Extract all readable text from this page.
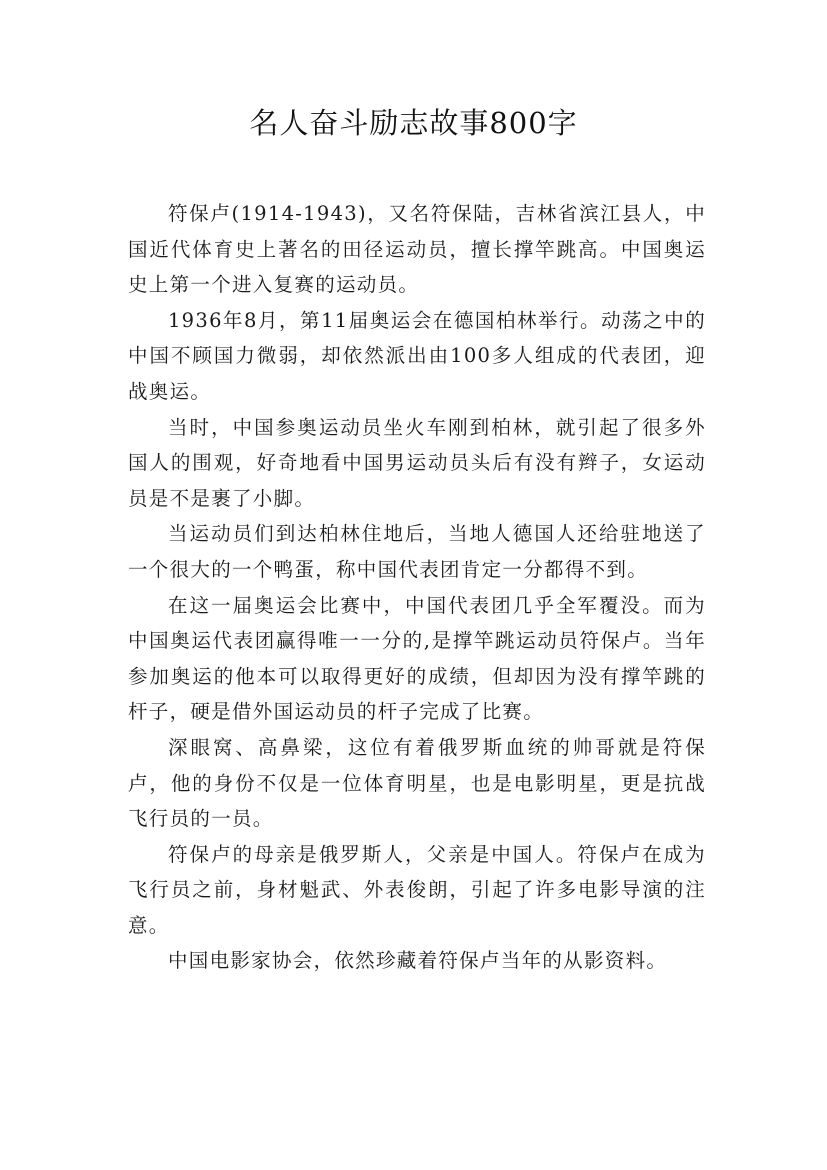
名人奋斗励志故事800字

符保卢(1914-1943)，又名符保陆，吉林省滨江县人，中国近代体育史上著名的田径运动员，擅长撑竿跳高。中国奥运史上第一个进入复赛的运动员。

1936年8月，第11届奥运会在德国柏林举行。动荡之中的中国不顾国力微弱，却依然派出由100多人组成的代表团，迎战奥运。

当时，中国参奥运动员坐火车刚到柏林，就引起了很多外国人的围观，好奇地看中国男运动员头后有没有辫子，女运动员是不是裹了小脚。

当运动员们到达柏林住地后，当地人德国人还给驻地送了一个很大的一个鸭蛋，称中国代表团肯定一分都得不到。

在这一届奥运会比赛中，中国代表团几乎全军覆没。而为中国奥运代表团赢得唯一一分的,是撑竿跳运动员符保卢。当年参加奥运的他本可以取得更好的成绩，但却因为没有撑竿跳的杆子，硬是借外国运动员的杆子完成了比赛。

深眼窝、高鼻梁，这位有着俄罗斯血统的帅哥就是符保卢，他的身份不仅是一位体育明星，也是电影明星，更是抗战飞行员的一员。

符保卢的母亲是俄罗斯人，父亲是中国人。符保卢在成为飞行员之前，身材魁武、外表俊朗，引起了许多电影导演的注意。

中国电影家协会，依然珍藏着符保卢当年的从影资料。
